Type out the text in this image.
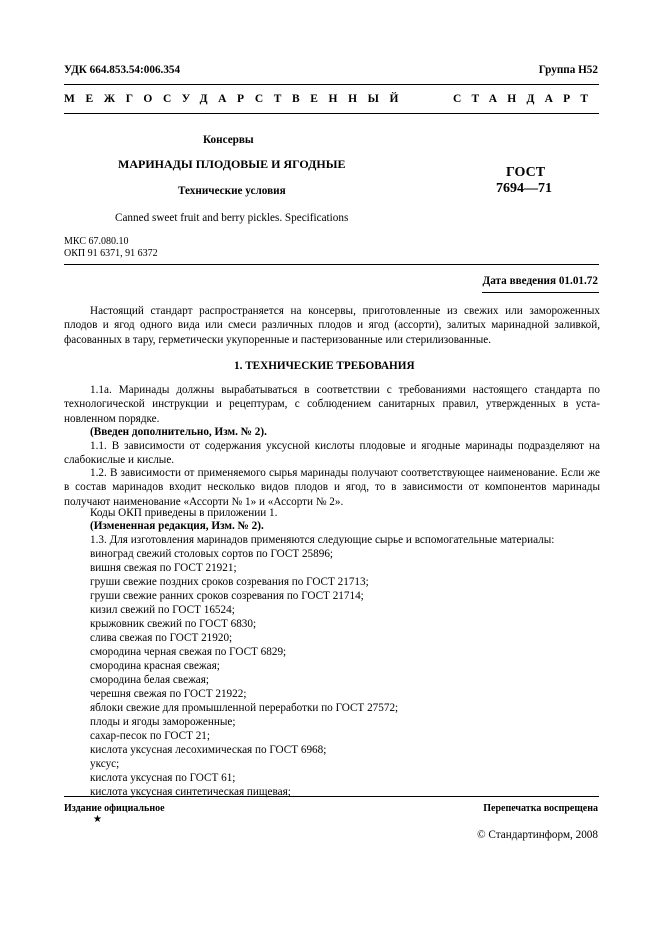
УДК 664.853.54:006.354	Группа Н52
МЕЖГОСУДАРСТВЕННЫЙ	СТАНДАРТ
Консервы
МАРИНАДЫ ПЛОДОВЫЕ И ЯГОДНЫЕ
Технические условия
ГОСТ
7694—71
Canned sweet fruit and berry pickles. Specifications
МКС 67.080.10
ОКП 91 6371, 91 6372
Дата введения 01.01.72
Настоящий стандарт распространяется на консервы, приготовленные из свежих или замороженных плодов и ягод одного вида или смеси различных плодов и ягод (ассорти), залитых маринадной заливкой, фасованных в тару, герметически укупоренные и пастеризованные или стерилизованные.
1. ТЕХНИЧЕСКИЕ ТРЕБОВАНИЯ
1.1а. Маринады должны вырабатываться в соответствии с требованиями настоящего стандарта по технологической инструкции и рецептурам, с соблюдением санитарных правил, утвержденных в установленном порядке.
(Введен дополнительно, Изм. № 2).
1.1. В зависимости от содержания уксусной кислоты плодовые и ягодные маринады подразделяют на слабокислые и кислые.
1.2. В зависимости от применяемого сырья маринады получают соответствующее наименование. Если же в состав маринадов входит несколько видов плодов и ягод, то в зависимости от компонентов маринады получают наименование «Ассорти № 1» и «Ассорти № 2».
Коды ОКП приведены в приложении 1.
(Измененная редакция, Изм. № 2).
1.3. Для изготовления маринадов применяются следующие сырье и вспомогательные материалы:
виноград свежий столовых сортов по ГОСТ 25896;
вишня свежая по ГОСТ 21921;
груши свежие поздних сроков созревания по ГОСТ 21713;
груши свежие ранних сроков созревания по ГОСТ 21714;
кизил свежий по ГОСТ 16524;
крыжовник свежий по ГОСТ 6830;
слива свежая по ГОСТ 21920;
смородина черная свежая по ГОСТ 6829;
смородина красная свежая;
смородина белая свежая;
черешня свежая по ГОСТ 21922;
яблоки свежие для промышленной переработки по ГОСТ 27572;
плоды и ягоды замороженные;
сахар-песок по ГОСТ 21;
кислота уксусная лесохимическая по ГОСТ 6968;
уксус;
кислота уксусная по ГОСТ 61;
кислота уксусная синтетическая пищевая;
Издание официальное
★
Перепечатка воспрещена
© Стандартинформ, 2008
